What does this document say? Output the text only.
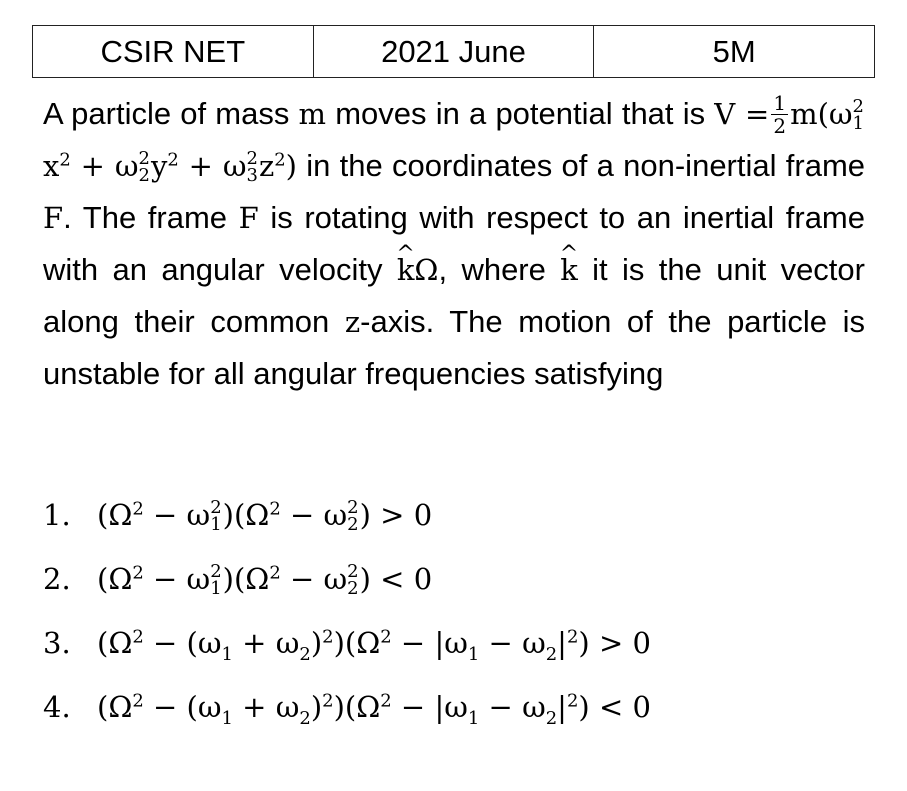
CSIR NET	2021 June	5M
A particle of mass m moves in a potential that is $V = \frac{1}{2} m(\omega$ 2
1
$x^2 + \omega$ 2
2 $y^2 + \omega$ 2
3 $z^2$) in the coordinates of a non-inertial frame F. The frame F is rotating with respect to an inertial frame with an angular velocity ^ kΩ, where ^ k it is the unit vector along their common z-axis. The motion of the particle is unstable for all angular frequencies satisfying
1. ($\Omega^2 - \omega$ 2
1 )($\Omega^2 - \omega$ 2
2 ) > 0
2. ($\Omega^2 - \omega$ 2
1 )($\Omega^2 - \omega$ 2
2 ) < 0
3. $(\Omega^2 - (\omega_1 + \omega_2)^2)(\Omega^2 - |\omega_1 - \omega_2|^2) > 0$
4. $(\Omega^2 - (\omega_1 + \omega_2)^2)(\Omega^2 - |\omega_1 - \omega_2|^2) < 0$
